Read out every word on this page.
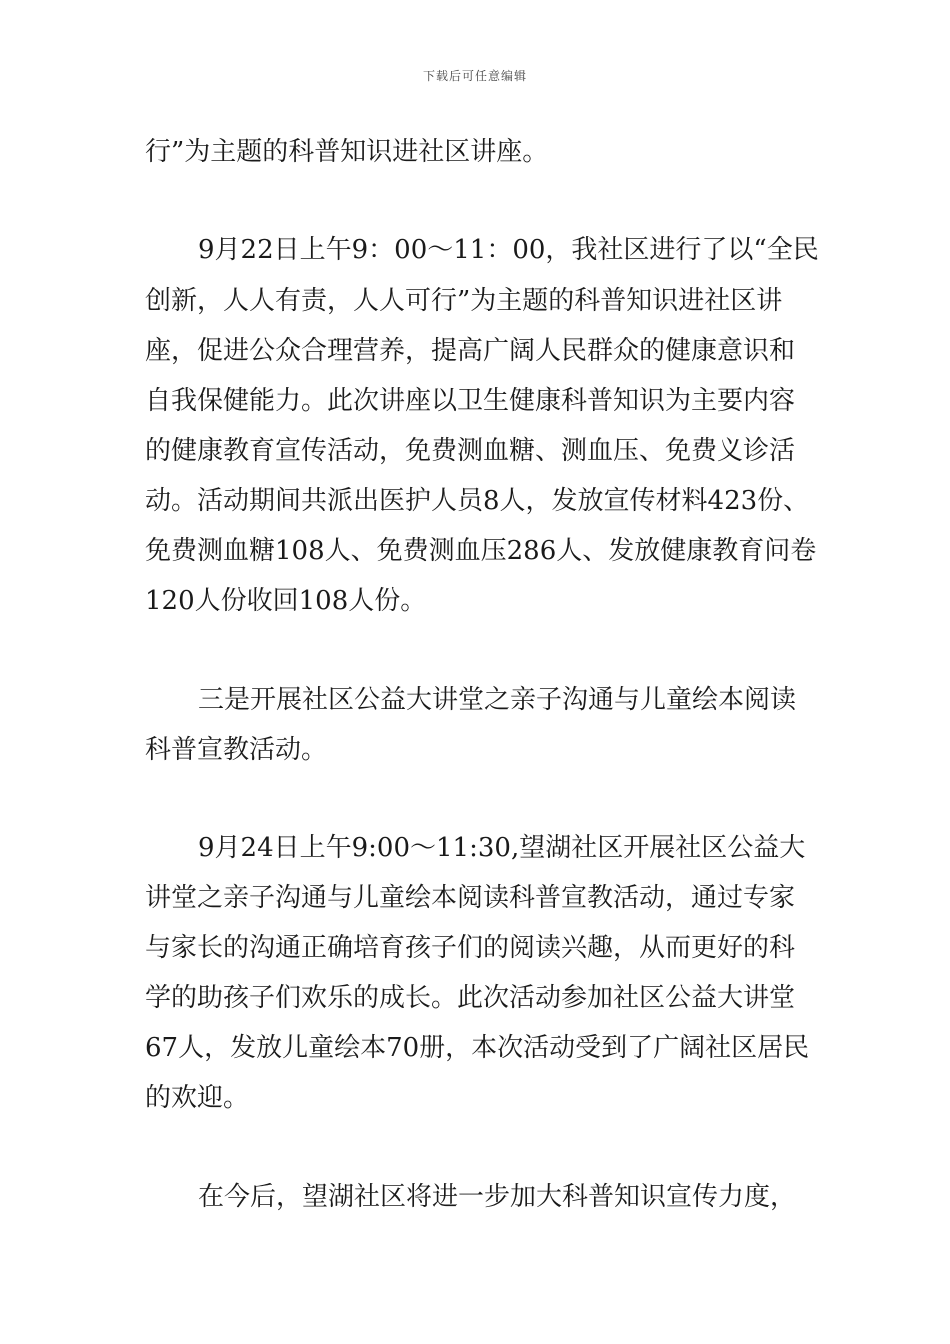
下载后可任意编辑
行”为主题的科普知识进社区讲座。
9月22日上午9：00～11：00，我社区进行了以“全民
创新，人人有责，人人可行”为主题的科普知识进社区讲
座，促进公众合理营养，提高广阔人民群众的健康意识和
自我保健能力。此次讲座以卫生健康科普知识为主要内容
的健康教育宣传活动，免费测血糖、测血压、免费义诊活
动。活动期间共派出医护人员8人，发放宣传材料423份、
免费测血糖108人、免费测血压286人、发放健康教育问卷
120人份收回108人份。
三是开展社区公益大讲堂之亲子沟通与儿童绘本阅读
科普宣教活动。
9月24日上午9:00～11:30,望湖社区开展社区公益大
讲堂之亲子沟通与儿童绘本阅读科普宣教活动，通过专家
与家长的沟通正确培育孩子们的阅读兴趣，从而更好的科
学的助孩子们欢乐的成长。此次活动参加社区公益大讲堂
67人，发放儿童绘本70册，本次活动受到了广阔社区居民
的欢迎。
在今后，望湖社区将进一步加大科普知识宣传力度，
